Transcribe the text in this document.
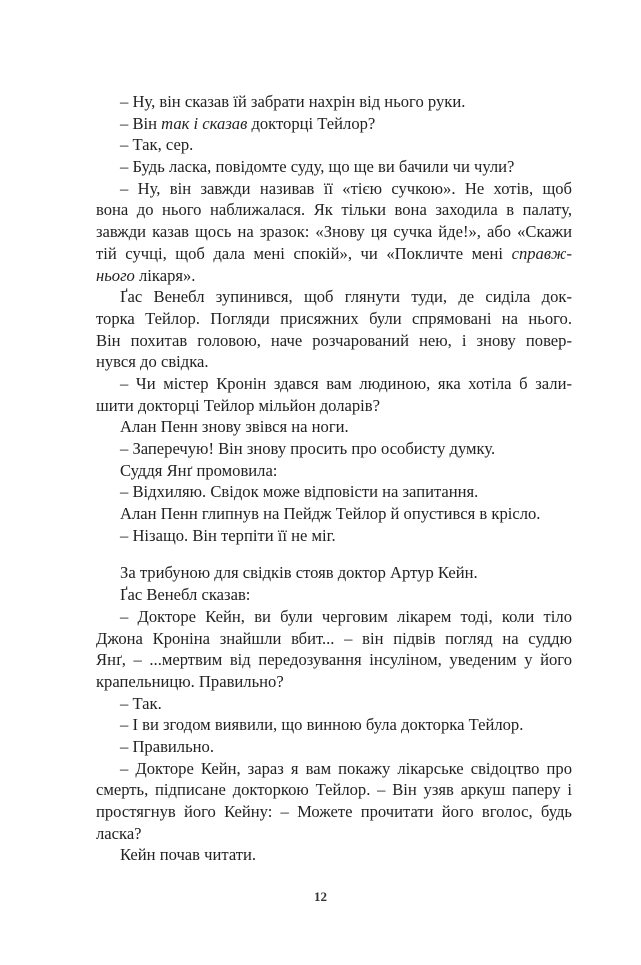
– Ну, він сказав їй забрати нахрін від нього руки.
– Він так і сказав докторці Тейлор?
– Так, сер.
– Будь ласка, повідомте суду, що ще ви бачили чи чули?
– Ну, він завжди називав її «тією сучкою». Не хотів, щоб
вона до нього наближалася. Як тільки вона заходила в палату,
завжди казав щось на зразок: «Знову ця сучка йде!», або «Скажи
тій сучці, щоб дала мені спокій», чи «Покличте мені справж-
нього лікаря».
Ґас Венебл зупинився, щоб глянути туди, де сиділа док-
торка Тейлор. Погляди присяжних були спрямовані на нього.
Він похитав головою, наче розчарований нею, і знову повер-
нувся до свідка.
– Чи містер Кронін здався вам людиною, яка хотіла б зали-
шити докторці Тейлор мільйон доларів?
Алан Пенн знову звівся на ноги.
– Заперечую! Він знову просить про особисту думку.
Суддя Янґ промовила:
– Відхиляю. Свідок може відповісти на запитання.
Алан Пенн глипнув на Пейдж Тейлор й опустився в крісло.
– Нізащо. Він терпіти її не міг.
За трибуною для свідків стояв доктор Артур Кейн.
Ґас Венебл сказав:
– Докторе Кейн, ви були черговим лікарем тоді, коли тіло
Джона Кроніна знайшли вбит... – він підвів погляд на суддю
Янґ, – ...мертвим від передозування інсуліном, уведеним у його
крапельницю. Правильно?
– Так.
– І ви згодом виявили, що винною була докторка Тейлор.
– Правильно.
– Докторе Кейн, зараз я вам покажу лікарське свідоцтво про
смерть, підписане докторкою Тейлор. – Він узяв аркуш паперу і
простягнув його Кейну: – Можете прочитати його вголос, будь
ласка?
Кейн почав читати.
12
